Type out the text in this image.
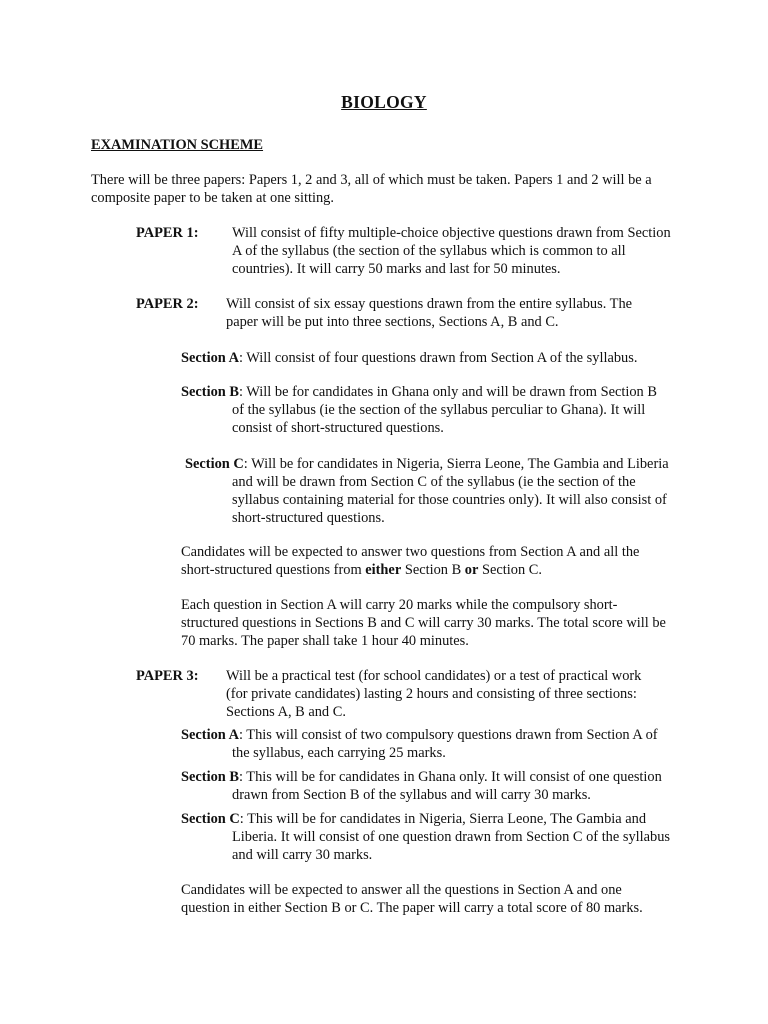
BIOLOGY
EXAMINATION SCHEME

There will be three papers: Papers 1, 2 and 3, all of which must be taken. Papers 1 and 2 will be a composite paper to be taken at one sitting.

PAPER 1: Will consist of fifty multiple-choice objective questions drawn from Section A of the syllabus (the section of the syllabus which is common to all countries). It will carry 50 marks and last for 50 minutes.

PAPER 2: Will consist of six essay questions drawn from the entire syllabus. The paper will be put into three sections, Sections A, B and C.

Section A: Will consist of four questions drawn from Section A of the syllabus.

Section B: Will be for candidates in Ghana only and will be drawn from Section B of the syllabus (ie the section of the syllabus perculiar to Ghana). It will consist of short-structured questions.

Section C: Will be for candidates in Nigeria, Sierra Leone, The Gambia and Liberia and will be drawn from Section C of the syllabus (ie the section of the syllabus containing material for those countries only). It will also consist of short-structured questions.

Candidates will be expected to answer two questions from Section A and all the short-structured questions from either Section B or Section C.

Each question in Section A will carry 20 marks while the compulsory short-structured questions in Sections B and C will carry 30 marks. The total score will be 70 marks. The paper shall take 1 hour 40 minutes.

PAPER 3: Will be a practical test (for school candidates) or a test of practical work (for private candidates) lasting 2 hours and consisting of three sections: Sections A, B and C.

Section A: This will consist of two compulsory questions drawn from Section A of the syllabus, each carrying 25 marks.

Section B: This will be for candidates in Ghana only. It will consist of one question drawn from Section B of the syllabus and will carry 30 marks.

Section C: This will be for candidates in Nigeria, Sierra Leone, The Gambia and Liberia. It will consist of one question drawn from Section C of the syllabus and will carry 30 marks.

Candidates will be expected to answer all the questions in Section A and one question in either Section B or C. The paper will carry a total score of 80 marks.
